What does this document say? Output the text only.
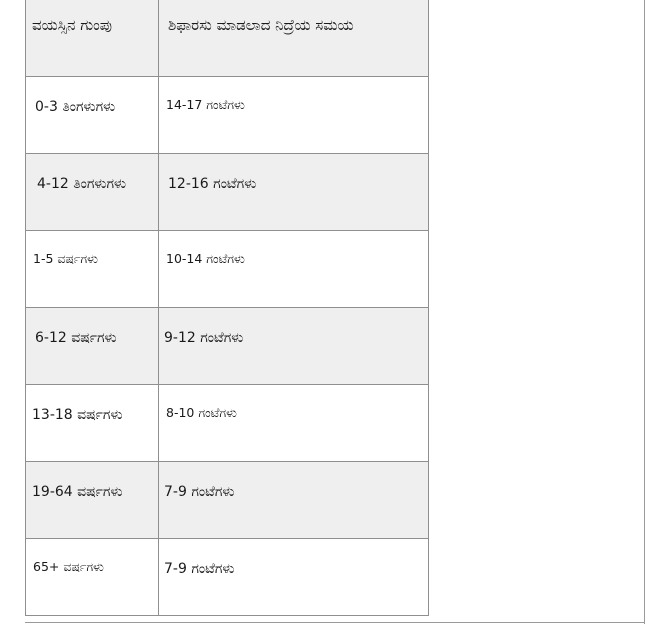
ವಯಸ್ಸಿನ ಗುಂಪು	ಶಿಫಾರಸು ಮಾಡಲಾದ ನಿದ್ರೆಯ ಸಮಯ

0-3 ತಿಂಗಳುಗಳು	14-17 ಗಂಟೆಗಳು

4-12 ತಿಂಗಳುಗಳು	12-16 ಗಂಟೆಗಳು

1-5 ವರ್ಷಗಳು	10-14 ಗಂಟೆಗಳು

6-12 ವರ್ಷಗಳು	9-12 ಗಂಟೆಗಳು

13-18 ವರ್ಷಗಳು	8-10 ಗಂಟೆಗಳು

19-64 ವರ್ಷಗಳು	7-9 ಗಂಟೆಗಳು

65+ ವರ್ಷಗಳು	7-9 ಗಂಟೆಗಳು
